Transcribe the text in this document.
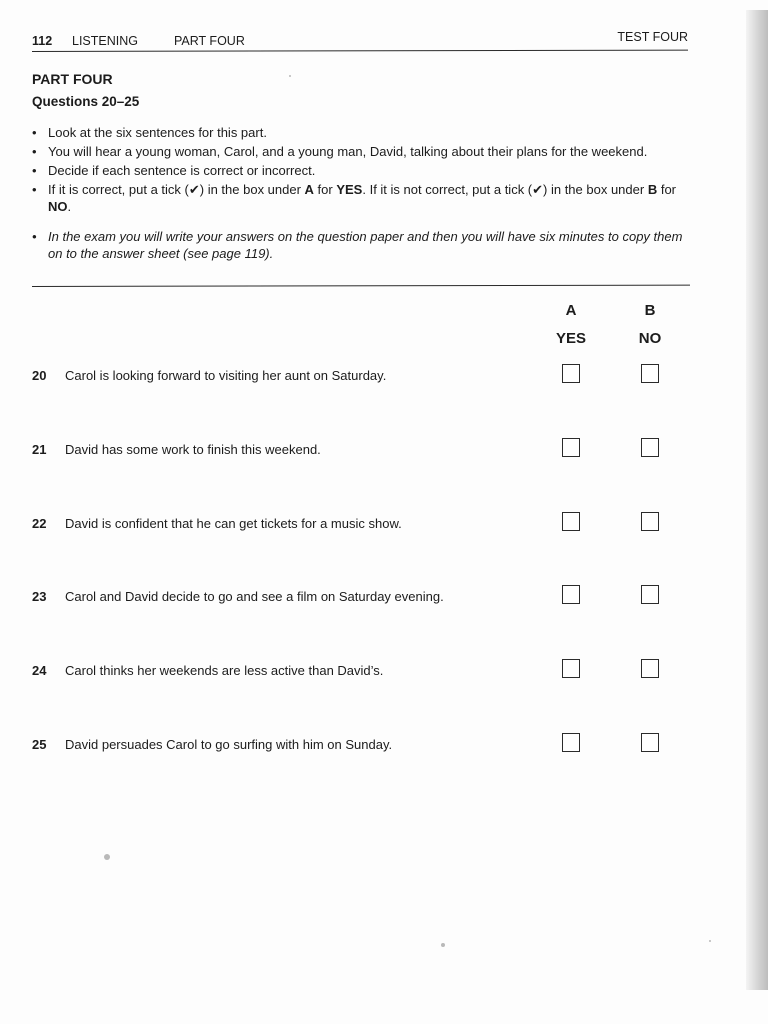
112 LISTENING	PART FOUR	TEST FOUR
PART FOUR
Questions 20–25
• Look at the six sentences for this part.
• You will hear a young woman, Carol, and a young man, David, talking about their plans for the weekend.
• Decide if each sentence is correct or incorrect.
• If it is correct, put a tick (✔) in the box under A for YES. If it is not correct, put a tick (✔) in the box under B for NO.
• In the exam you will write your answers on the question paper and then you will have six minutes to copy them on to the answer sheet (see page 119).
A
YES
B
NO
20	Carol is looking forward to visiting her aunt on Saturday.
21	David has some work to finish this weekend.
22	David is confident that he can get tickets for a music show.
23	Carol and David decide to go and see a film on Saturday evening.
24	Carol thinks her weekends are less active than David’s.
25	David persuades Carol to go surfing with him on Sunday.
